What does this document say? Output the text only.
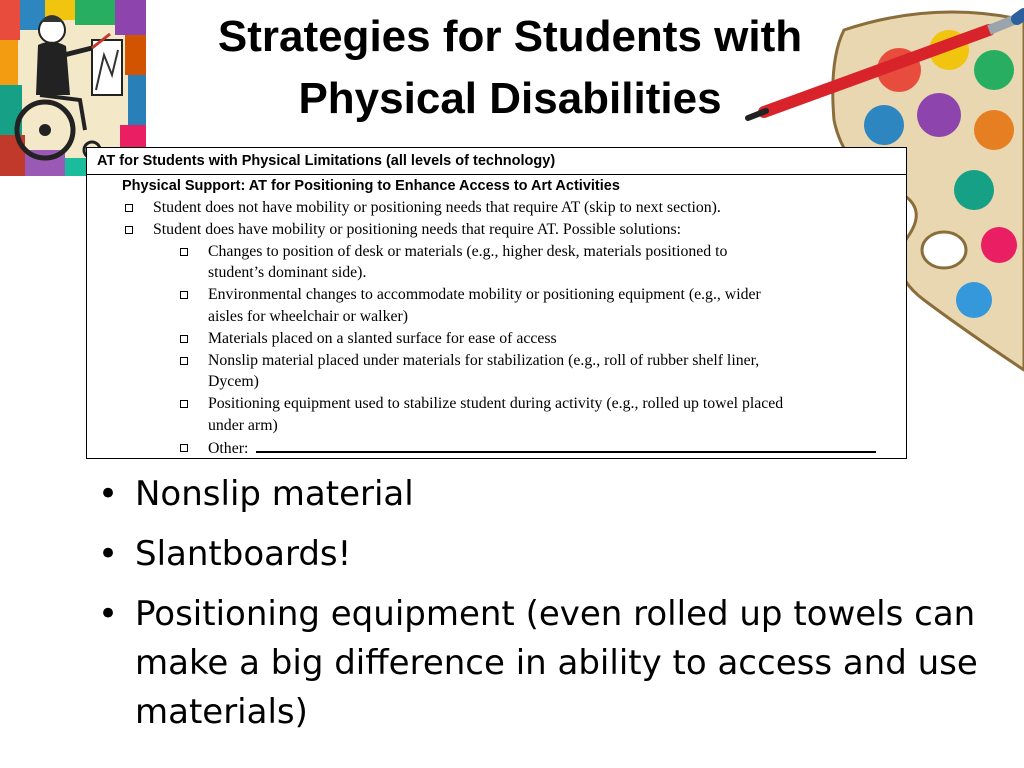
Strategies for Students with
Physical Disabilities
AT for Students with Physical Limitations (all levels of technology)
Physical Support: AT for Positioning to Enhance Access to Art Activities
Student does not have mobility or positioning needs that require AT (skip to next section).
Student does have mobility or positioning needs that require AT. Possible solutions:
Changes to position of desk or materials (e.g., higher desk, materials positioned to
student’s dominant side).
Environmental changes to accommodate mobility or positioning equipment (e.g., wider
aisles for wheelchair or walker)
Materials placed on a slanted surface for ease of access
Nonslip material placed under materials for stabilization (e.g., roll of rubber shelf liner,
Dycem)
Positioning equipment used to stabilize student during activity (e.g., rolled up towel placed
under arm)
Other:
• Nonslip material
• Slantboards!
• Positioning equipment (even rolled up towels can make a big difference in ability to access and use materials)
